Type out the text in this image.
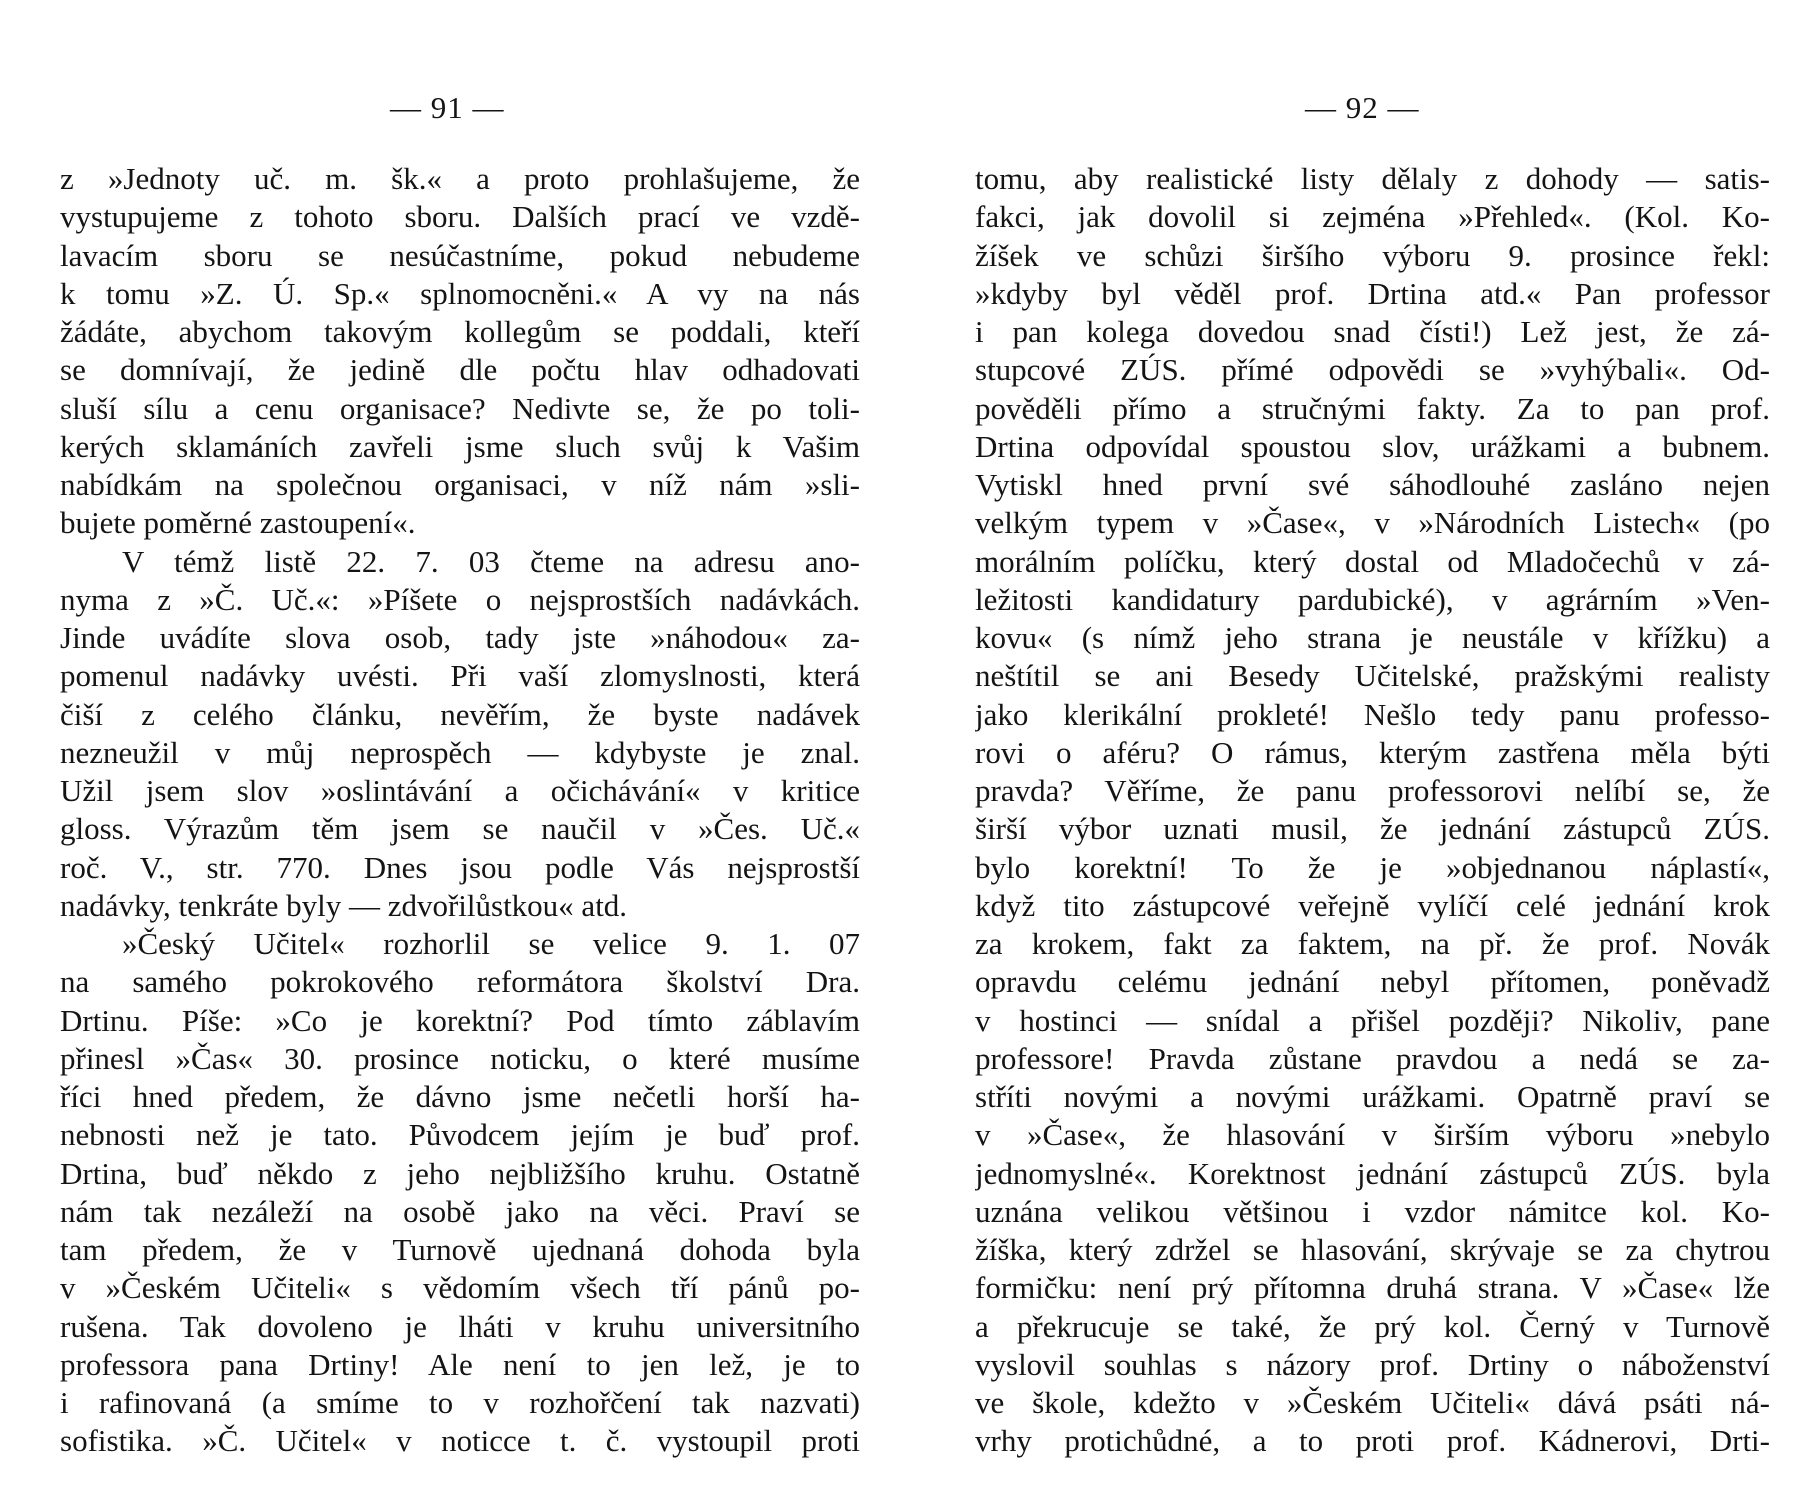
— 91 —
z »Jednoty uč. m. šk.« a proto prohlašujeme, že
vystupujeme z tohoto sboru. Dalších prací ve vzdě-
lavacím sboru se nesúčastníme, pokud nebudeme
k tomu »Z. Ú. Sp.« splnomocněni.« A vy na nás
žádáte, abychom takovým kollegům se poddali, kteří
se domnívají, že jedině dle počtu hlav odhadovati
sluší sílu a cenu organisace? Nedivte se, že po toli-
kerých sklamáních zavřeli jsme sluch svůj k Vašim
nabídkám na společnou organisaci, v níž nám »sli-
bujete poměrné zastoupení«.
V témž listě 22. 7. 03 čteme na adresu ano-
nyma z »Č. Uč.«: »Píšete o nejsprostších nadávkách.
Jinde uvádíte slova osob, tady jste »náhodou« za-
pomenul nadávky uvésti. Při vaší zlomyslnosti, která
čiší z celého článku, nevěřím, že byste nadávek
nezneužil v můj neprospěch — kdybyste je znal.
Užil jsem slov »oslintávání a očichávání« v kritice
gloss. Výrazům těm jsem se naučil v »Čes. Uč.«
roč. V., str. 770. Dnes jsou podle Vás nejsprostší
nadávky, tenkráte byly — zdvořilůstkou« atd.
»Český Učitel« rozhorlil se velice 9. 1. 07
na samého pokrokového reformátora školství Dra.
Drtinu. Píše: »Co je korektní? Pod tímto záblavím
přinesl »Čas« 30. prosince noticku, o které musíme
říci hned předem, že dávno jsme nečetli horší ha-
nebnosti než je tato. Původcem jejím je buď prof.
Drtina, buď někdo z jeho nejbližšího kruhu. Ostatně
nám tak nezáleží na osobě jako na věci. Praví se
tam předem, že v Turnově ujednaná dohoda byla
v »Českém Učiteli« s vědomím všech tří pánů po-
rušena. Tak dovoleno je lháti v kruhu universitního
professora pana Drtiny! Ale není to jen lež, je to
i rafinovaná (a smíme to v rozhořčení tak nazvati)
sofistika. »Č. Učitel« v noticce t. č. vystoupil proti
— 92 —
tomu, aby realistické listy dělaly z dohody — satis-
fakci, jak dovolil si zejména »Přehled«. (Kol. Ko-
žíšek ve schůzi širšího výboru 9. prosince řekl:
»kdyby byl věděl prof. Drtina atd.« Pan professor
i pan kolega dovedou snad čísti!) Lež jest, že zá-
stupcové ZÚS. přímé odpovědi se »vyhýbali«. Od-
pověděli přímo a stručnými fakty. Za to pan prof.
Drtina odpovídal spoustou slov, urážkami a bubnem.
Vytiskl hned první své sáhodlouhé zasláno nejen
velkým typem v »Čase«, v »Národních Listech« (po
morálním políčku, který dostal od Mladočechů v zá-
ležitosti kandidatury pardubické), v agrárním »Ven-
kovu« (s nímž jeho strana je neustále v křížku) a
neštítil se ani Besedy Učitelské, pražskými realisty
jako klerikální prokleté! Nešlo tedy panu professo-
rovi o aféru? O rámus, kterým zastřena měla býti
pravda? Věříme, že panu professorovi nelíbí se, že
širší výbor uznati musil, že jednání zástupců ZÚS.
bylo korektní! To že je »objednanou náplastí«,
když tito zástupcové veřejně vylíčí celé jednání krok
za krokem, fakt za faktem, na př. že prof. Novák
opravdu celému jednání nebyl přítomen, poněvadž
v hostinci — snídal a přišel později? Nikoliv, pane
professore! Pravda zůstane pravdou a nedá se za-
stříti novými a novými urážkami. Opatrně praví se
v »Čase«, že hlasování v širším výboru »nebylo
jednomyslné«. Korektnost jednání zástupců ZÚS. byla
uznána velikou většinou i vzdor námitce kol. Ko-
žíška, který zdržel se hlasování, skrývaje se za chytrou
formičku: není prý přítomna druhá strana. V »Čase« lže
a překrucuje se také, že prý kol. Černý v Turnově
vyslovil souhlas s názory prof. Drtiny o náboženství
ve škole, kdežto v »Českém Učiteli« dává psáti ná-
vrhy protichůdné, a to proti prof. Kádnerovi, Drti-
